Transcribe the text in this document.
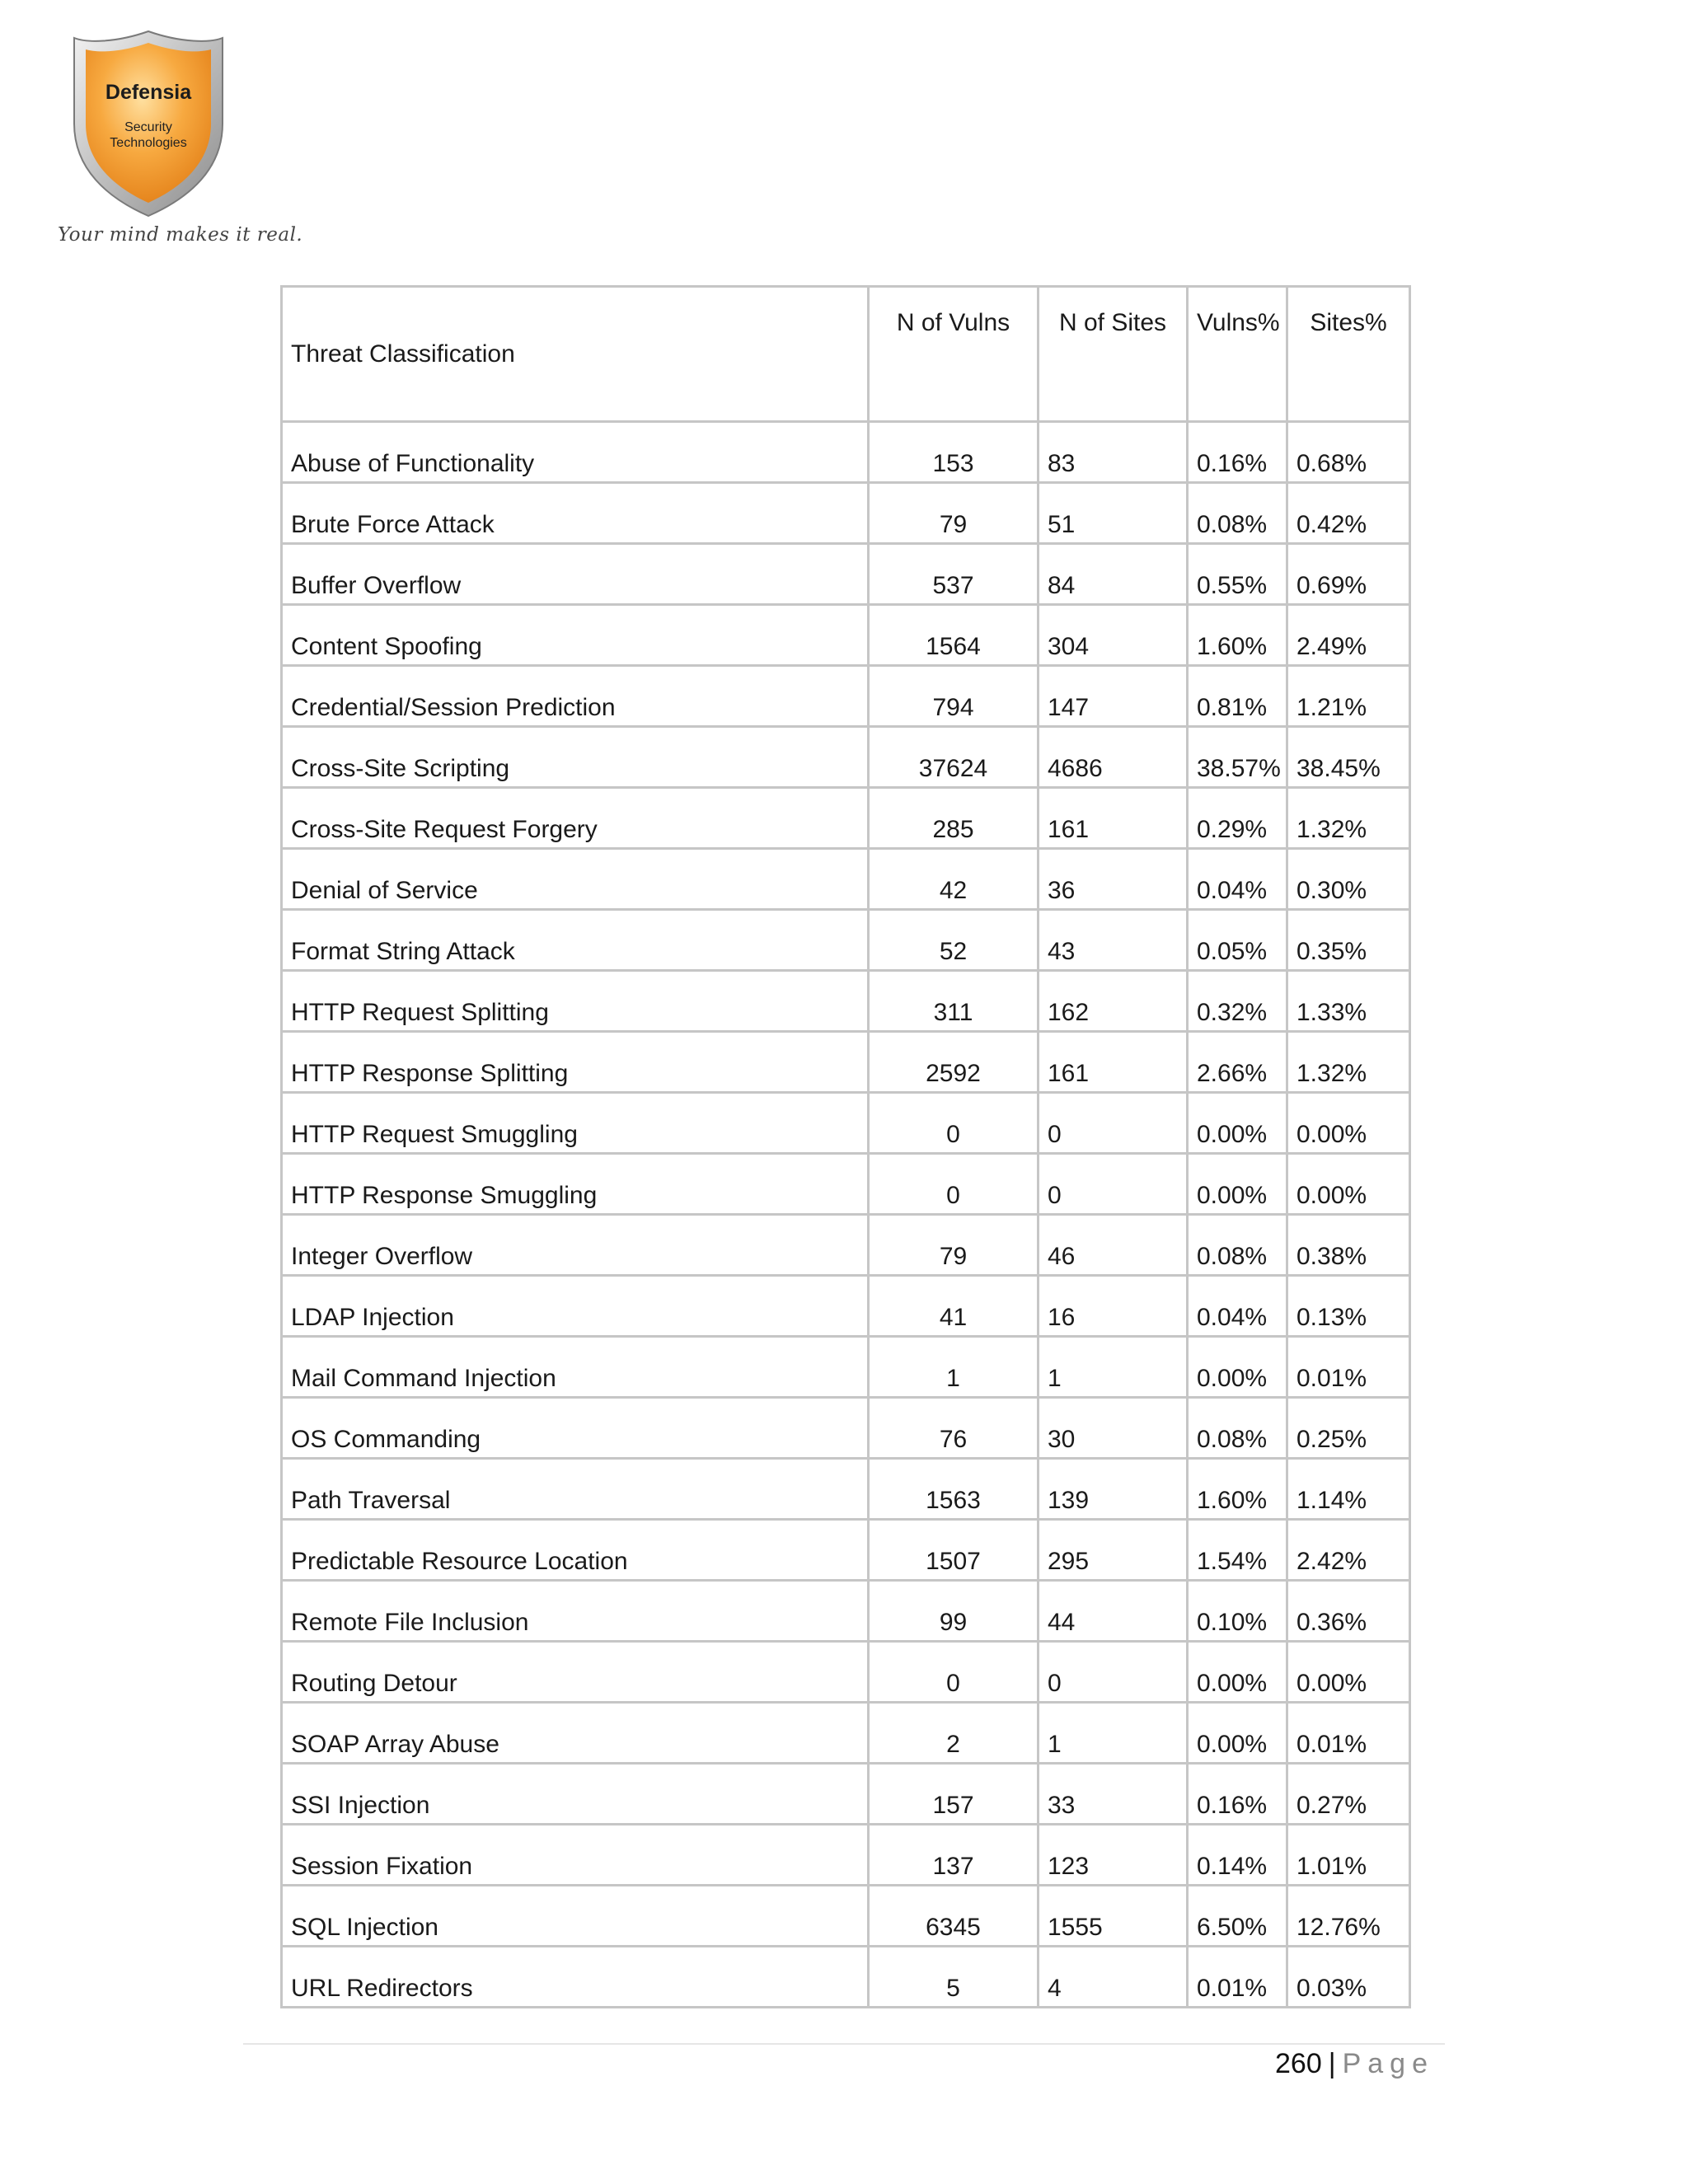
Defensia
Security
Technologies
Your mind makes it real.
Threat Classification	N of Vulns	N of Sites	Vulns%	Sites%
Abuse of Functionality	153	83	0.16%	0.68%
Brute Force Attack	79	51	0.08%	0.42%
Buffer Overflow	537	84	0.55%	0.69%
Content Spoofing	1564	304	1.60%	2.49%
Credential/Session Prediction	794	147	0.81%	1.21%
Cross-Site Scripting	37624	4686	38.57%	38.45%
Cross-Site Request Forgery	285	161	0.29%	1.32%
Denial of Service	42	36	0.04%	0.30%
Format String Attack	52	43	0.05%	0.35%
HTTP Request Splitting	311	162	0.32%	1.33%
HTTP Response Splitting	2592	161	2.66%	1.32%
HTTP Request Smuggling	0	0	0.00%	0.00%
HTTP Response Smuggling	0	0	0.00%	0.00%
Integer Overflow	79	46	0.08%	0.38%
LDAP Injection	41	16	0.04%	0.13%
Mail Command Injection	1	1	0.00%	0.01%
OS Commanding	76	30	0.08%	0.25%
Path Traversal	1563	139	1.60%	1.14%
Predictable Resource Location	1507	295	1.54%	2.42%
Remote File Inclusion	99	44	0.10%	0.36%
Routing Detour	0	0	0.00%	0.00%
SOAP Array Abuse	2	1	0.00%	0.01%
SSI Injection	157	33	0.16%	0.27%
Session Fixation	137	123	0.14%	1.01%
SQL Injection	6345	1555	6.50%	12.76%
URL Redirectors	5	4	0.01%	0.03%
260 | Page
